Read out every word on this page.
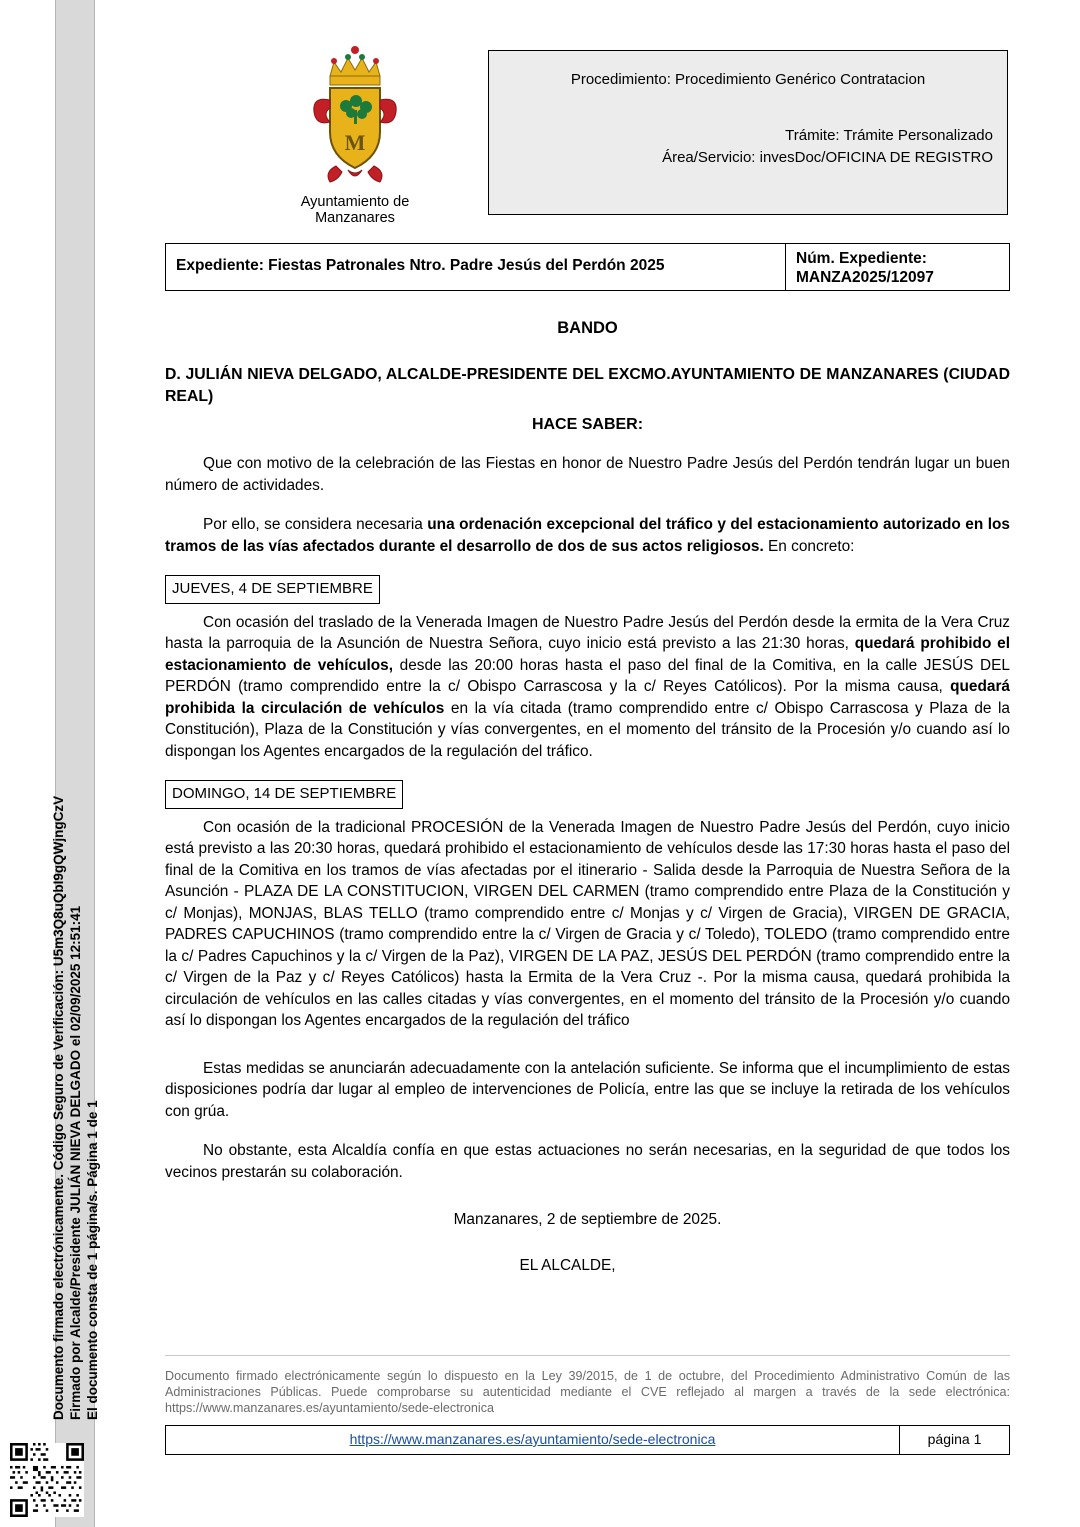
Documento firmado electrónicamente. Código Seguro de Verificación: U5m3Q8uQbI9gQWjngCzV Firmado por Alcalde/Presidente JULIÁN NIEVA DELGADO el 02/09/2025 12:51:41 El documento consta de 1 página/s. Página 1 de 1
M
Ayuntamiento de Manzanares
Procedimiento: Procedimiento Genérico Contratacion
Trámite: Trámite Personalizado
Área/Servicio: invesDoc/OFICINA DE REGISTRO
Expediente: Fiestas Patronales Ntro. Padre Jesús del Perdón 2025	Núm. Expediente:
MANZA2025/12097
BANDO
D. JULIÁN NIEVA DELGADO, ALCALDE-PRESIDENTE DEL EXCMO.AYUNTAMIENTO DE MANZANARES (CIUDAD REAL)
HACE SABER:

Que con motivo de la celebración de las Fiestas en honor de Nuestro Padre Jesús del Perdón tendrán lugar un buen número de actividades.

Por ello, se considera necesaria una ordenación excepcional del tráfico y del estacionamiento autorizado en los tramos de las vías afectados durante el desarrollo de dos de sus actos religiosos. En concreto:

JUEVES, 4 DE SEPTIEMBRE

Con ocasión del traslado de la Venerada Imagen de Nuestro Padre Jesús del Perdón desde la ermita de la Vera Cruz hasta la parroquia de la Asunción de Nuestra Señora, cuyo inicio está previsto a las 21:30 horas, quedará prohibido el estacionamiento de vehículos, desde las 20:00 horas hasta el paso del final de la Comitiva, en la calle JESÚS DEL PERDÓN (tramo comprendido entre la c/ Obispo Carrascosa y la c/ Reyes Católicos). Por la misma causa, quedará prohibida la circulación de vehículos en la vía citada (tramo comprendido entre c/ Obispo Carrascosa y Plaza de la Constitución), Plaza de la Constitución y vías convergentes, en el momento del tránsito de la Procesión y/o cuando así lo dispongan los Agentes encargados de la regulación del tráfico.

DOMINGO, 14 DE SEPTIEMBRE

Con ocasión de la tradicional PROCESIÓN de la Venerada Imagen de Nuestro Padre Jesús del Perdón, cuyo inicio está previsto a las 20:30 horas, quedará prohibido el estacionamiento de vehículos desde las 17:30 horas hasta el paso del final de la Comitiva en los tramos de vías afectadas por el itinerario - Salida desde la Parroquia de Nuestra Señora de la Asunción - PLAZA DE LA CONSTITUCION, VIRGEN DEL CARMEN (tramo comprendido entre Plaza de la Constitución y c/ Monjas), MONJAS, BLAS TELLO (tramo comprendido entre c/ Monjas y c/ Virgen de Gracia), VIRGEN DE GRACIA, PADRES CAPUCHINOS (tramo comprendido entre la c/ Virgen de Gracia y c/ Toledo), TOLEDO (tramo comprendido entre la c/ Padres Capuchinos y la c/ Virgen de la Paz), VIRGEN DE LA PAZ, JESÚS DEL PERDÓN (tramo comprendido entre la c/ Virgen de la Paz y c/ Reyes Católicos) hasta la Ermita de la Vera Cruz -. Por la misma causa, quedará prohibida la circulación de vehículos en las calles citadas y vías convergentes, en el momento del tránsito de la Procesión y/o cuando así lo dispongan los Agentes encargados de la regulación del tráfico

Estas medidas se anunciarán adecuadamente con la antelación suficiente. Se informa que el incumplimiento de estas disposiciones podría dar lugar al empleo de intervenciones de Policía, entre las que se incluye la retirada de los vehículos con grúa.

No obstante, esta Alcaldía confía en que estas actuaciones no serán necesarias, en la seguridad de que todos los vecinos prestarán su colaboración.

Manzanares, 2 de septiembre de 2025.
EL ALCALDE,
Documento firmado electrónicamente según lo dispuesto en la Ley 39/2015, de 1 de octubre, del Procedimiento Administrativo Común de las Administraciones Públicas. Puede comprobarse su autenticidad mediante el CVE reflejado al margen a través de la sede electrónica: https://www.manzanares.es/ayuntamiento/sede-electronica
https://www.manzanares.es/ayuntamiento/sede-electronica	página 1
